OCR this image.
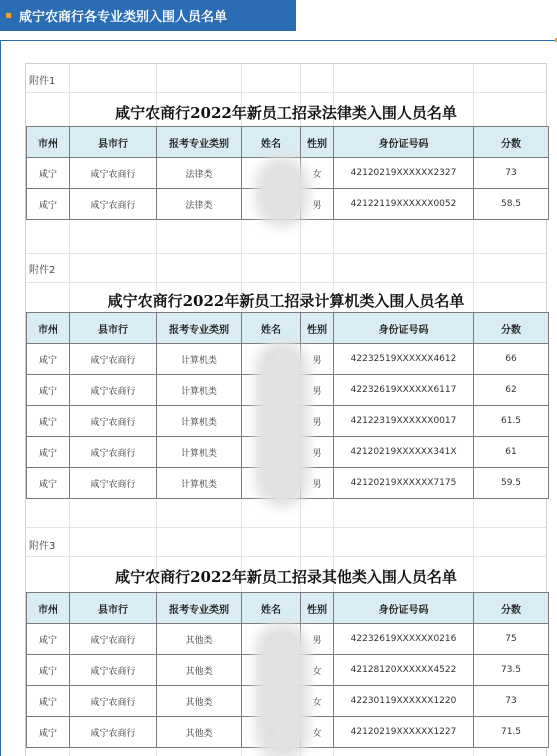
咸宁农商行各专业类别入围人员名单
附件1
咸宁农商行2022年新员工招录法律类入围人员名单
市州	县市行	报考专业类别	姓名	性别	身份证号码	分数
咸宁	咸宁农商行	法律类		女	42120219XXXXXX2327	73
咸宁	咸宁农商行	法律类		男	42122119XXXXXX0052	58.5
附件2
咸宁农商行2022年新员工招录计算机类入围人员名单
市州	县市行	报考专业类别	姓名	性别	身份证号码	分数
咸宁	咸宁农商行	计算机类		男	42232519XXXXXX4612	66
咸宁	咸宁农商行	计算机类		男	42232619XXXXXX6117	62
咸宁	咸宁农商行	计算机类		男	42122319XXXXXX0017	61.5
咸宁	咸宁农商行	计算机类		男	42120219XXXXXX341X	61
咸宁	咸宁农商行	计算机类		男	42120219XXXXXX7175	59.5
附件3
咸宁农商行2022年新员工招录其他类入围人员名单
市州	县市行	报考专业类别	姓名	性别	身份证号码	分数
咸宁	咸宁农商行	其他类		男	42232619XXXXXX0216	75
咸宁	咸宁农商行	其他类		女	42128120XXXXXX4522	73.5
咸宁	咸宁农商行	其他类		女	42230119XXXXXX1220	73
咸宁	咸宁农商行	其他类		女	42120219XXXXXX1227	71.5
